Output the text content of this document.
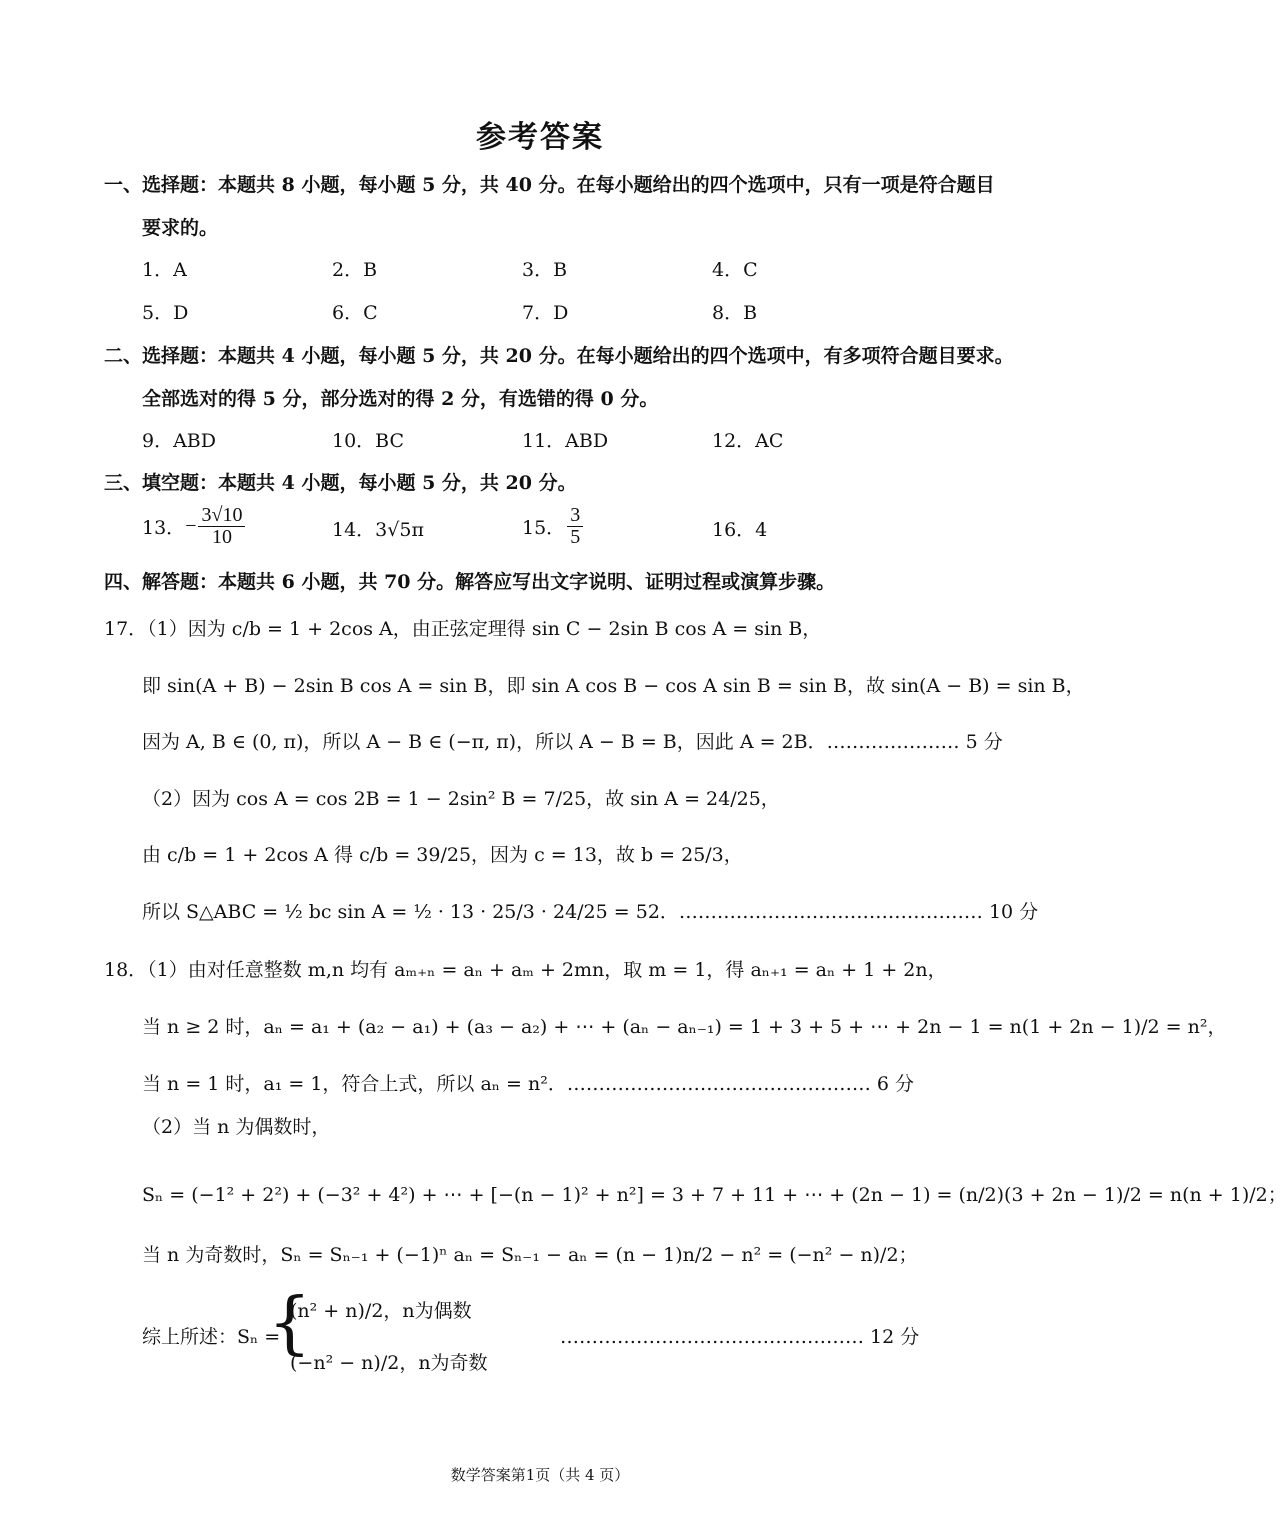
参考答案
一、选择题：本题共 8 小题，每小题 5 分，共 40 分。在每小题给出的四个选项中，只有一项是符合题目
要求的。
1．A	2．B	3．B	4．C
5．D	6．C	7．D	8．B
二、选择题：本题共 4 小题，每小题 5 分，共 20 分。在每小题给出的四个选项中，有多项符合题目要求。
全部选对的得 5 分，部分选对的得 2 分，有选错的得 0 分。
9．ABD	10．BC	11．ABD	12．AC
三、填空题：本题共 4 小题，每小题 5 分，共 20 分。
13． − $\frac{3√10}{10}$	14．3√5π	15． $\frac{3}{5}$	16．4
四、解答题：本题共 6 小题，共 70 分。解答应写出文字说明、证明过程或演算步骤。
17．（1）因为 c/b = 1 + 2cos A，由正弦定理得 sin C − 2sin B cos A = sin B，
即 sin(A + B) − 2sin B cos A = sin B，即 sin A cos B − cos A sin B = sin B，故 sin(A − B) = sin B，
因为 A, B ∈ (0, π)，所以 A − B ∈ (−π, π)，所以 A − B = B，因此 A = 2B．………………… 5 分
（2）因为 cos A = cos 2B = 1 − 2sin² B = 7/25，故 sin A = 24/25，
由 c/b = 1 + 2cos A 得 c/b = 39/25，因为 c = 13，故 b = 25/3，
所以 S△ABC = ½ bc sin A = ½ · 13 · 25/3 · 24/25 = 52．………………………………………… 10 分
18．（1）由对任意整数 m,n 均有 aₘ₊ₙ = aₙ + aₘ + 2mn，取 m = 1，得 aₙ₊₁ = aₙ + 1 + 2n，
当 n ≥ 2 时，aₙ = a₁ + (a₂ − a₁) + (a₃ − a₂) + ⋯ + (aₙ − aₙ₋₁) = 1 + 3 + 5 + ⋯ + 2n − 1 = n(1 + 2n − 1)/2 = n²，
当 n = 1 时，a₁ = 1，符合上式，所以 aₙ = n²．………………………………………… 6 分
（2）当 n 为偶数时，
Sₙ = (−1² + 2²) + (−3² + 4²) + ⋯ + [−(n − 1)² + n²] = 3 + 7 + 11 + ⋯ + (2n − 1) = (n/2)(3 + 2n − 1)/2 = n(n + 1)/2；
当 n 为奇数时，Sₙ = Sₙ₋₁ + (−1)ⁿ aₙ = Sₙ₋₁ − aₙ = (n − 1)n/2 − n² = (−n² − n)/2；
综上所述：Sₙ =
{
(n² + n)/2，n为偶数
(−n² − n)/2，n为奇数
………………………………………… 12 分
数学答案第1页（共 4 页）
